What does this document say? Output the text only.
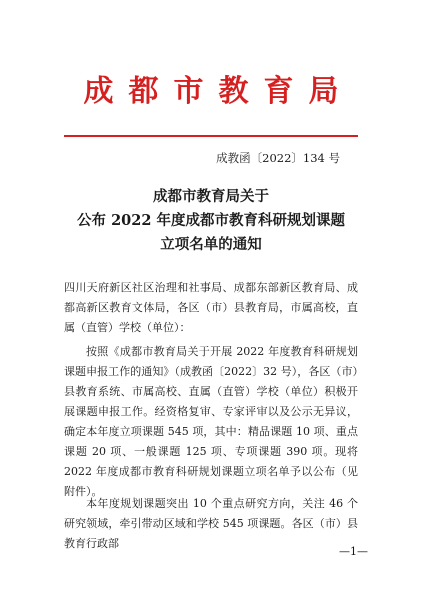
成都市教育局
成教函〔2022〕134 号
成都市教育局关于
公布 2022 年度成都市教育科研规划课题
立项名单的通知

四川天府新区社区治理和社事局、成都东部新区教育局、成都高新区教育文体局，各区（市）县教育局，市属高校，直属（直管）学校（单位）：

按照《成都市教育局关于开展 2022 年度教育科研规划课题申报工作的通知》（成教函〔2022〕32 号），各区（市）县教育系统、市属高校、直属（直管）学校（单位）积极开展课题申报工作。经资格复审、专家评审以及公示无异议，确定本年度立项课题 545 项，其中：精品课题 10 项、重点课题 20 项、一般课题 125 项、专项课题 390 项。现将 2022 年度成都市教育科研规划课题立项名单予以公布（见附件）。

本年度规划课题突出 10 个重点研究方向，关注 46 个研究领域，牵引带动区域和学校 545 项课题。各区（市）县教育行政部

—1—
